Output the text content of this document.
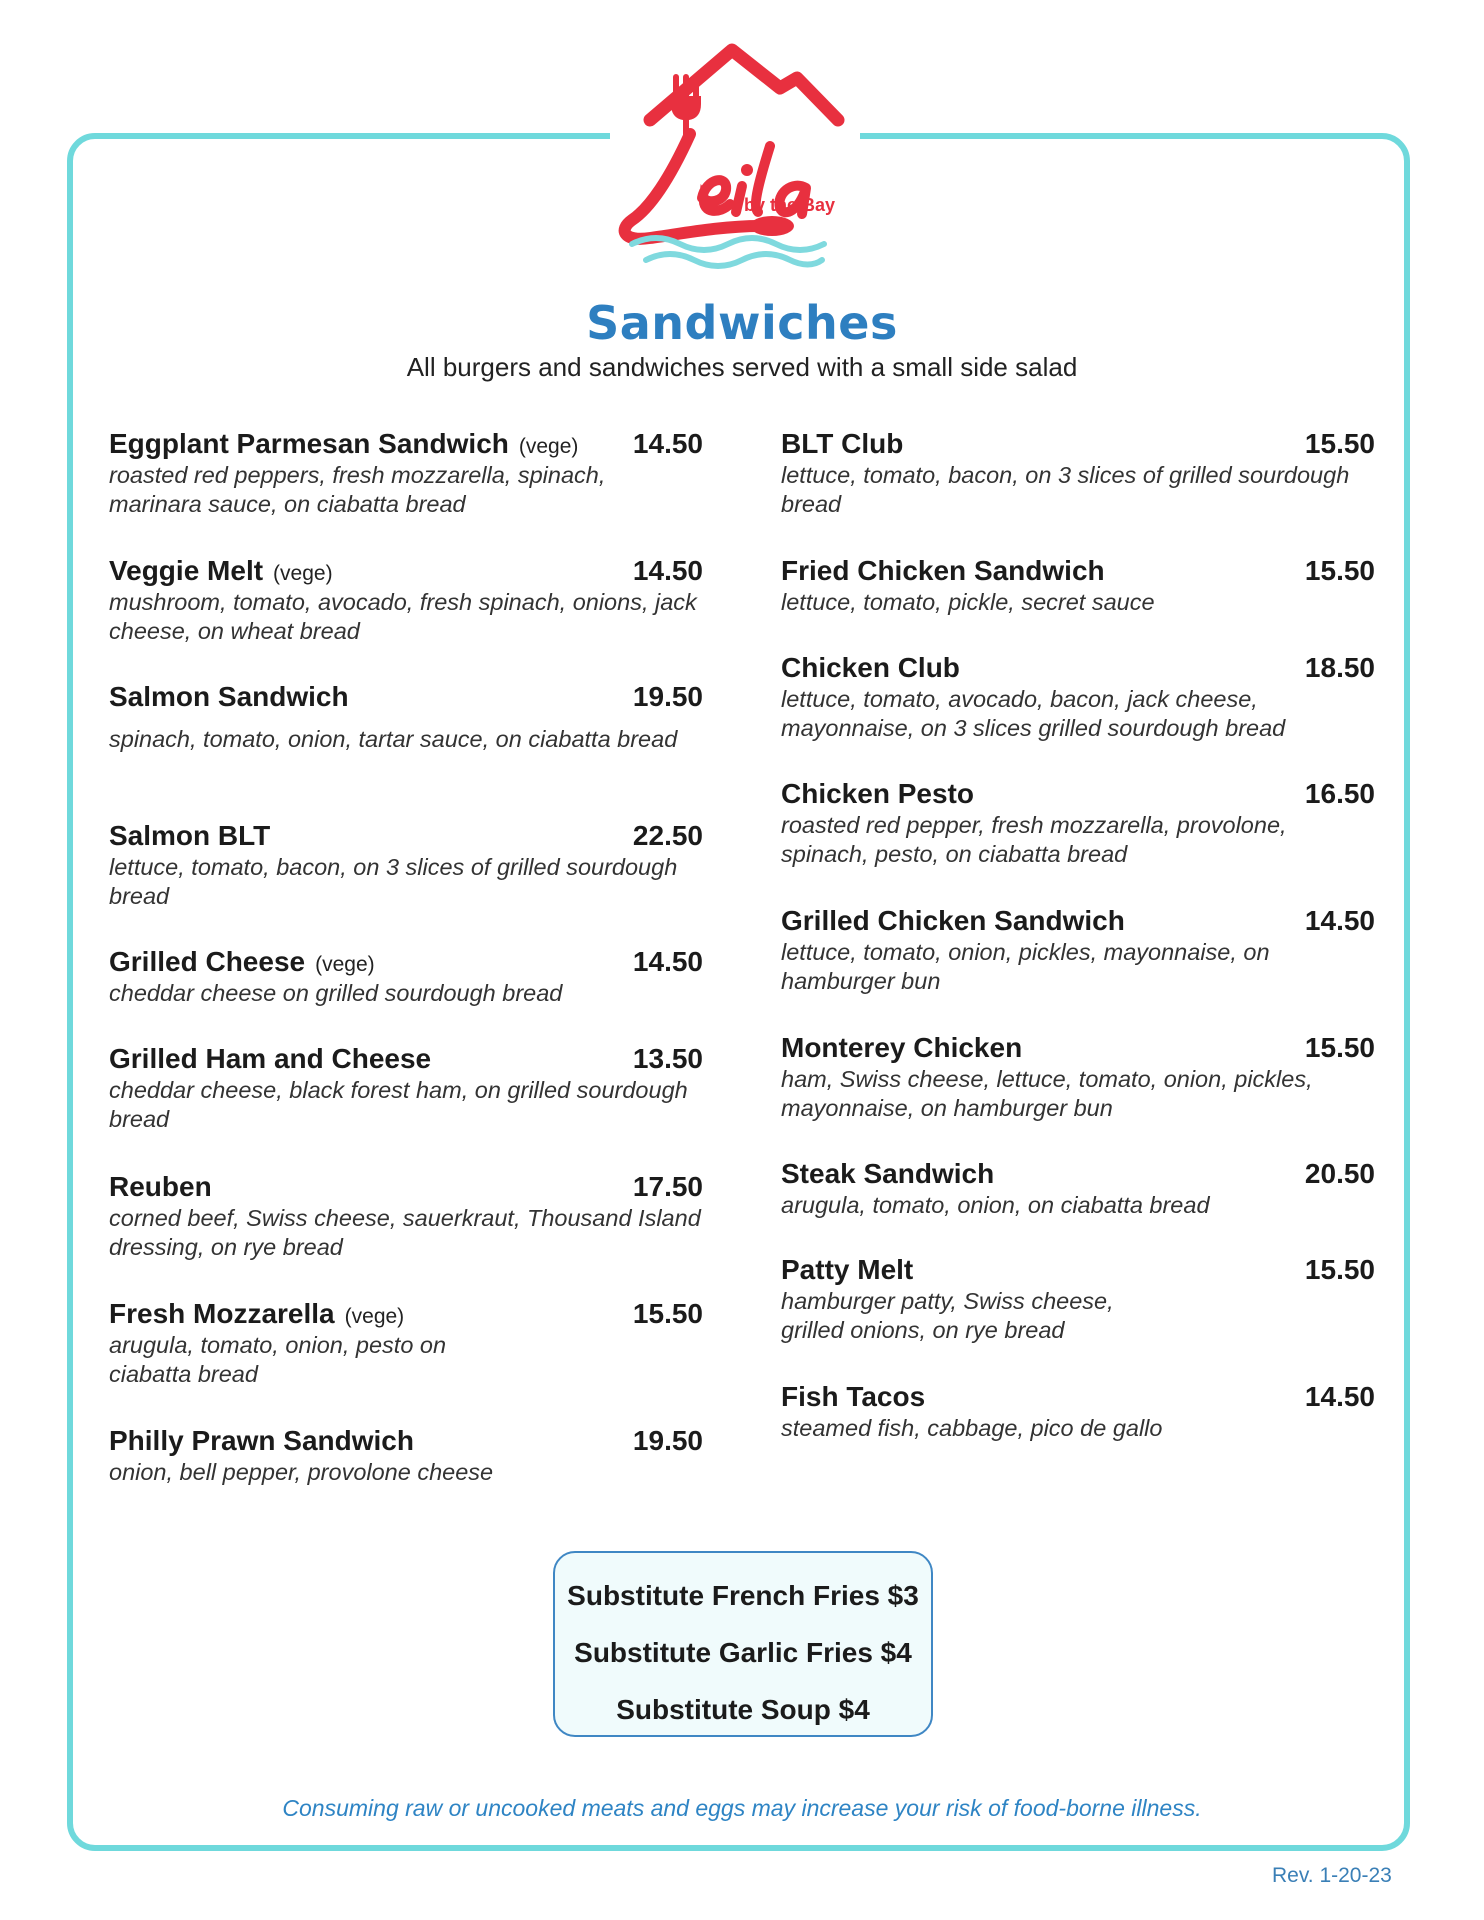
by the Bay
Sandwiches
All burgers and sandwiches served with a small side salad
Eggplant Parmesan Sandwich (vege) 14.50
roasted red peppers, fresh mozzarella, spinach, marinara sauce, on ciabatta bread
Veggie Melt (vege)	14.50
mushroom, tomato, avocado, fresh spinach, onions, jack cheese, on wheat bread
Salmon Sandwich	19.50
spinach, tomato, onion, tartar sauce, on ciabatta bread
Salmon BLT	22.50
lettuce, tomato, bacon, on 3 slices of grilled sourdough bread
Grilled Cheese (vege)	14.50
cheddar cheese on grilled sourdough bread
Grilled Ham and Cheese	13.50
cheddar cheese, black forest ham, on grilled sourdough bread
Reuben	17.50
corned beef, Swiss cheese, sauerkraut, Thousand Island dressing, on rye bread
Fresh Mozzarella (vege)	15.50
arugula, tomato, onion, pesto on ciabatta bread
Philly Prawn Sandwich	19.50
onion, bell pepper, provolone cheese
BLT Club	15.50
lettuce, tomato, bacon, on 3 slices of grilled sourdough bread
Fried Chicken Sandwich	15.50
lettuce, tomato, pickle, secret sauce
Chicken Club	18.50
lettuce, tomato, avocado, bacon, jack cheese, mayonnaise, on 3 slices grilled sourdough bread
Chicken Pesto	16.50
roasted red pepper, fresh mozzarella, provolone, spinach, pesto, on ciabatta bread
Grilled Chicken Sandwich	14.50
lettuce, tomato, onion, pickles, mayonnaise, on hamburger bun
Monterey Chicken	15.50
ham, Swiss cheese, lettuce, tomato, onion, pickles, mayonnaise, on hamburger bun
Steak Sandwich	20.50
arugula, tomato, onion, on ciabatta bread
Patty Melt	15.50
hamburger patty, Swiss cheese, grilled onions, on rye bread
Fish Tacos	14.50
steamed fish, cabbage, pico de gallo
Substitute French Fries $3
Substitute Garlic Fries $4
Substitute Soup $4
Consuming raw or uncooked meats and eggs may increase your risk of food-borne illness.
Rev. 1-20-23
